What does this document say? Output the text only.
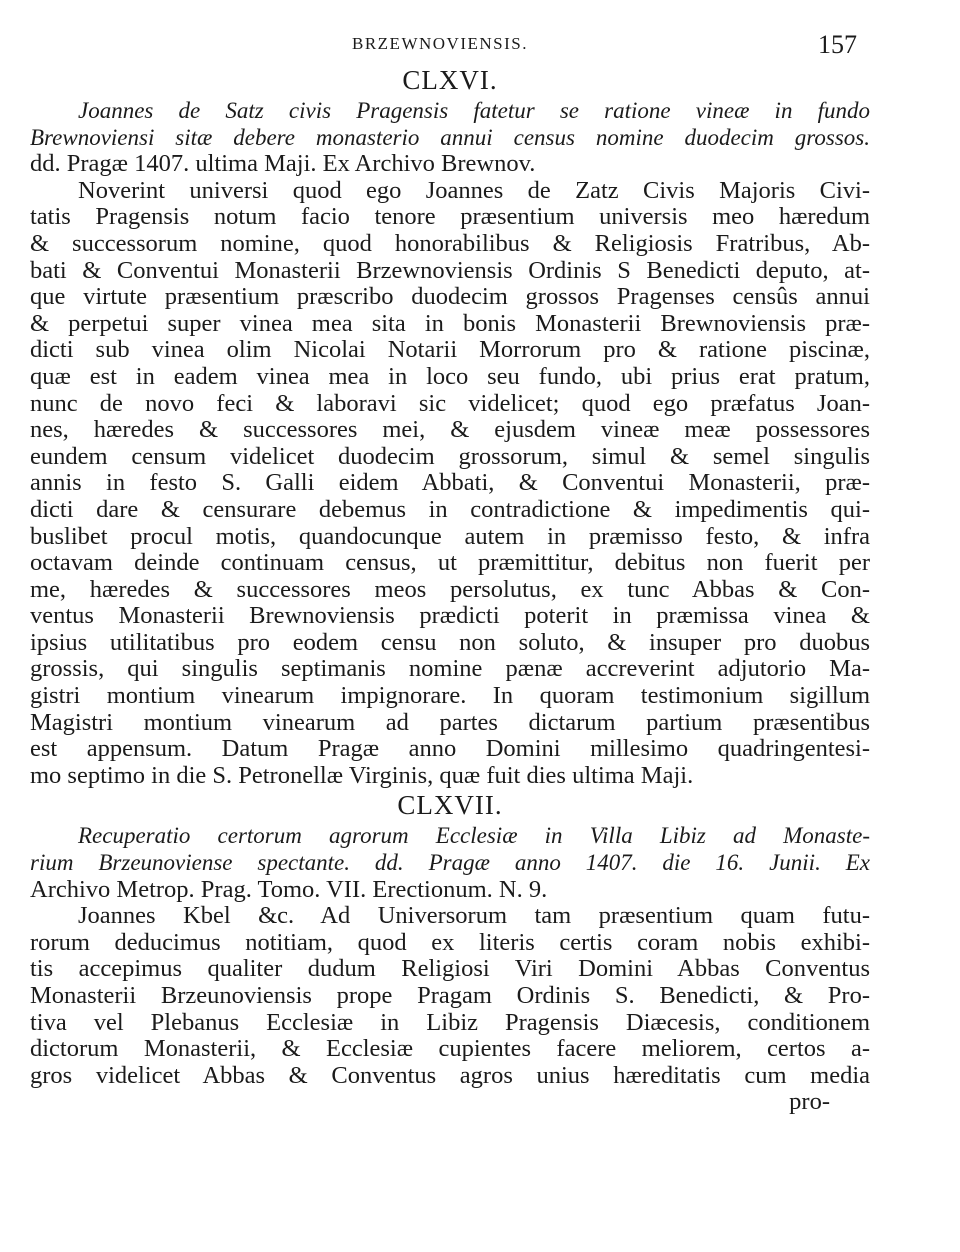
BRZEWNOVIENSIS.	157
CLXVI.
Joannes de Satz civis Pragensis fatetur se ratione vineæ in fundo
Brewnoviensi sitæ debere monasterio annui census nomine duodecim grossos.
dd. Pragæ 1407. ultima Maji. Ex Archivo Brewnov.
Noverint universi quod ego Joannes de Zatz Civis Majoris Civi-
tatis Pragensis notum facio tenore præsentium universis meo hæredum
& successorum nomine, quod honorabilibus & Religiosis Fratribus, Ab-
bati & Conventui Monasterii Brzewnoviensis Ordinis S Benedicti deputo, at-
que virtute præsentium præscribo duodecim grossos Pragenses censûs annui
& perpetui super vinea mea sita in bonis Monasterii Brewnoviensis præ-
dicti sub vinea olim Nicolai Notarii Morrorum pro & ratione piscinæ,
quæ est in eadem vinea mea in loco seu fundo, ubi prius erat pratum,
nunc de novo feci & laboravi sic videlicet; quod ego præfatus Joan-
nes, hæredes & successores mei, & ejusdem vineæ meæ possessores
eundem censum videlicet duodecim grossorum, simul & semel singulis
annis in festo S. Galli eidem Abbati, & Conventui Monasterii, præ-
dicti dare & censurare debemus in contradictione & impedimentis qui-
buslibet procul motis, quandocunque autem in præmisso festo, & infra
octavam deinde continuam census, ut præmittitur, debitus non fuerit per
me, hæredes & successores meos persolutus, ex tunc Abbas & Con-
ventus Monasterii Brewnoviensis prædicti poterit in præmissa vinea &
ipsius utilitatibus pro eodem censu non soluto, & insuper pro duobus
grossis, qui singulis septimanis nomine pænæ accreverint adjutorio Ma-
gistri montium vinearum impignorare. In quoram testimonium sigillum
Magistri montium vinearum ad partes dictarum partium præsentibus
est appensum. Datum Pragæ anno Domini millesimo quadringentesi-
mo septimo in die S. Petronellæ Virginis, quæ fuit dies ultima Maji.
CLXVII.
Recuperatio certorum agrorum Ecclesiæ in Villa Libiz ad Monaste-
rium Brzeunoviense spectante. dd. Pragæ anno 1407. die 16. Junii. Ex
Archivo Metrop. Prag. Tomo. VII. Erectionum. N. 9.
Joannes Kbel &c. Ad Universorum tam præsentium quam futu-
rorum deducimus notitiam, quod ex literis certis coram nobis exhibi-
tis accepimus qualiter dudum Religiosi Viri Domini Abbas Conventus
Monasterii Brzeunoviensis prope Pragam Ordinis S. Benedicti, & Pro-
tiva vel Plebanus Ecclesiæ in Libiz Pragensis Diæcesis, conditionem
dictorum Monasterii, & Ecclesiæ cupientes facere meliorem, certos a-
gros videlicet Abbas & Conventus agros unius hæreditatis cum media
pro-
